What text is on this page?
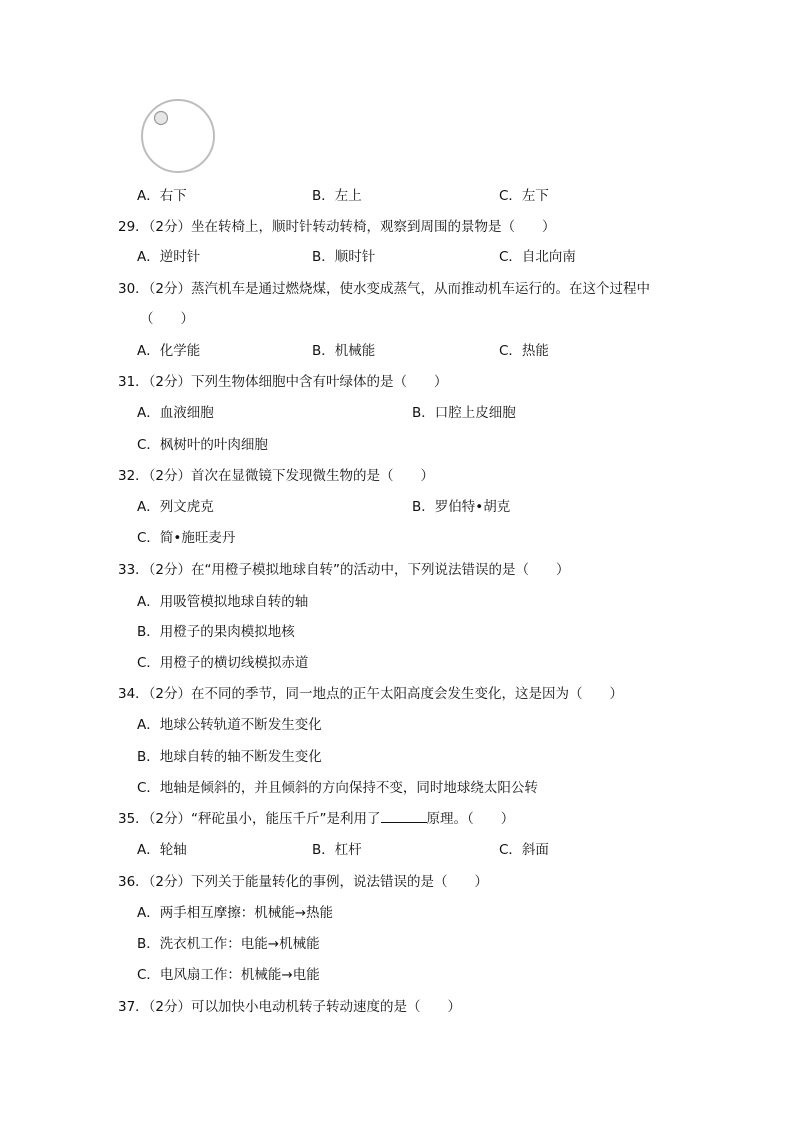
A．右下	B．左上	C．左下
29．（2分）坐在转椅上，顺时针转动转椅，观察到周围的景物是（　　）
A．逆时针	B．顺时针	C．自北向南
30．（2分）蒸汽机车是通过燃烧煤，使水变成蒸气，从而推动机车运行的。在这个过程中
（　　）
A．化学能	B．机械能	C．热能
31．（2分）下列生物体细胞中含有叶绿体的是（　　）
A．血液细胞	B．口腔上皮细胞
C．枫树叶的叶肉细胞
32．（2分）首次在显微镜下发现微生物的是（　　）
A．列文虎克	B．罗伯特•胡克
C．简•施旺麦丹
33．（2分）在“用橙子模拟地球自转”的活动中，下列说法错误的是（　　）
A．用吸管模拟地球自转的轴
B．用橙子的果肉模拟地核
C．用橙子的横切线模拟赤道
34．（2分）在不同的季节，同一地点的正午太阳高度会发生变化，这是因为（　　）
A．地球公转轨道不断发生变化
B．地球自转的轴不断发生变化
C．地轴是倾斜的，并且倾斜的方向保持不变，同时地球绕太阳公转
35．（2分）“秤砣虽小，能压千斤”是利用了	原理。（　　）
A．轮轴	B．杠杆	C．斜面
36．（2分）下列关于能量转化的事例，说法错误的是（　　）
A．两手相互摩擦：机械能→热能
B．洗衣机工作：电能→机械能
C．电风扇工作：机械能→电能
37．（2分）可以加快小电动机转子转动速度的是（　　）
